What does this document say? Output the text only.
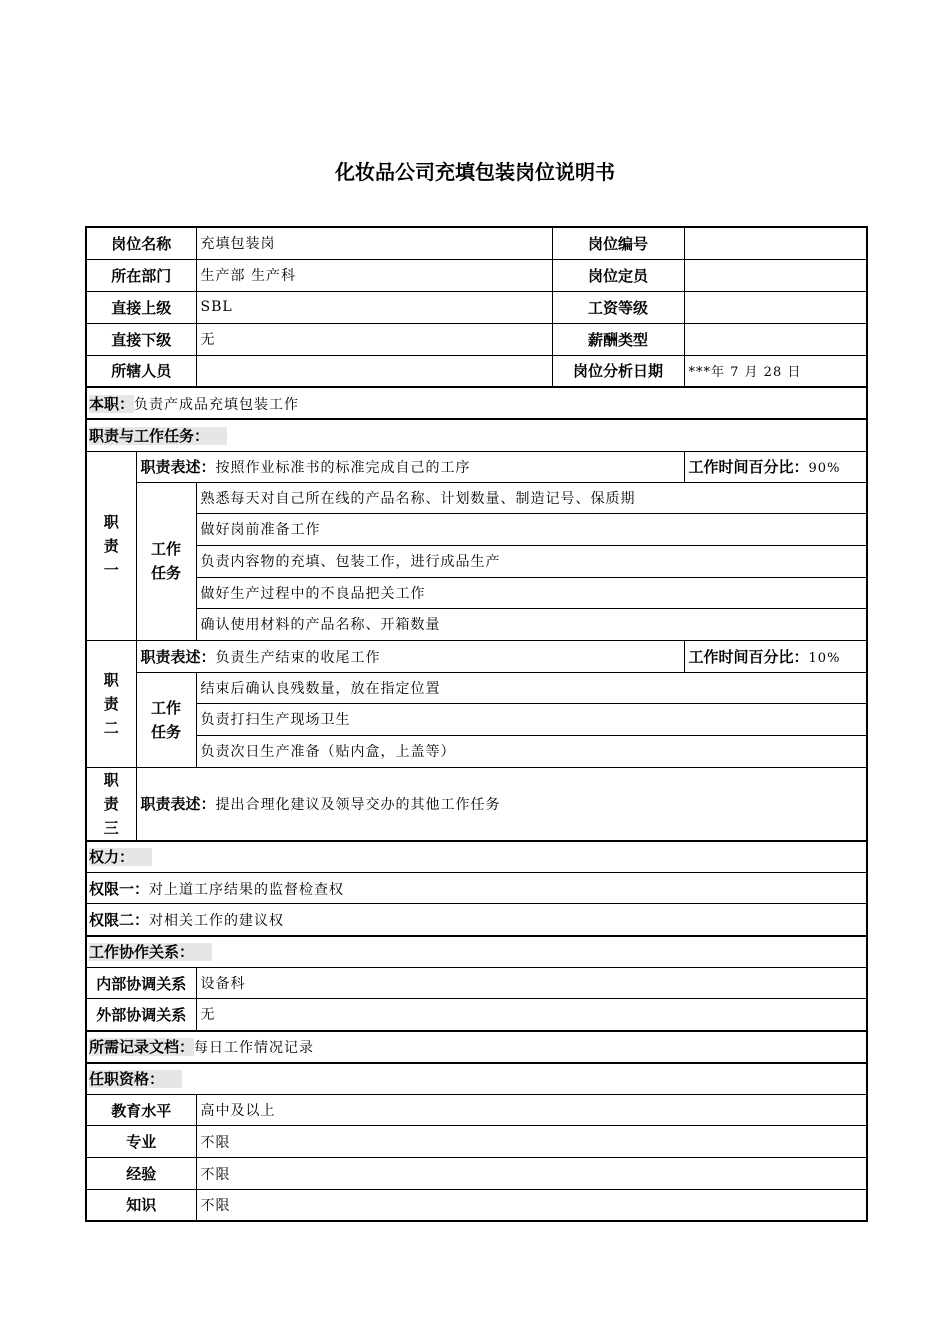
化妆品公司充填包装岗位说明书
岗位名称		充填包装岗	岗位编号	
所在部门		生产部 生产科	岗位定员	
直接上级		SBL	工资等级	
直接下级		无	薪酬类型	
所辖人员			岗位分析日期	***年 7 月 28 日
本职：负责产成品充填包装工作				
职责与工作任务：				
职责一	职责表述：按照作业标准书的标准完成自己的工序			工作时间百分比：90%
	工作任务	熟悉每天对自己所在线的产品名称、计划数量、制造记号、保质期		
		做好岗前准备工作		
		负责内容物的充填、包装工作，进行成品生产		
		做好生产过程中的不良品把关工作		
		确认使用材料的产品名称、开箱数量		
职责二	职责表述：负责生产结束的收尾工作			工作时间百分比：10%
	工作任务	结束后确认良残数量，放在指定位置		
		负责打扫生产现场卫生		
		负责次日生产准备（贴内盒，上盖等）		
职责三	职责表述：提出合理化建议及领导交办的其他工作任务			
权力：				
权限一：对上道工序结果的监督检查权				
权限二：对相关工作的建议权				
工作协作关系：				
内部协调关系		设备科		
外部协调关系		无		
所需记录文档：每日工作情况记录				
任职资格：				
教育水平		高中及以上		
专业		不限		
经验		不限		
知识		不限		
